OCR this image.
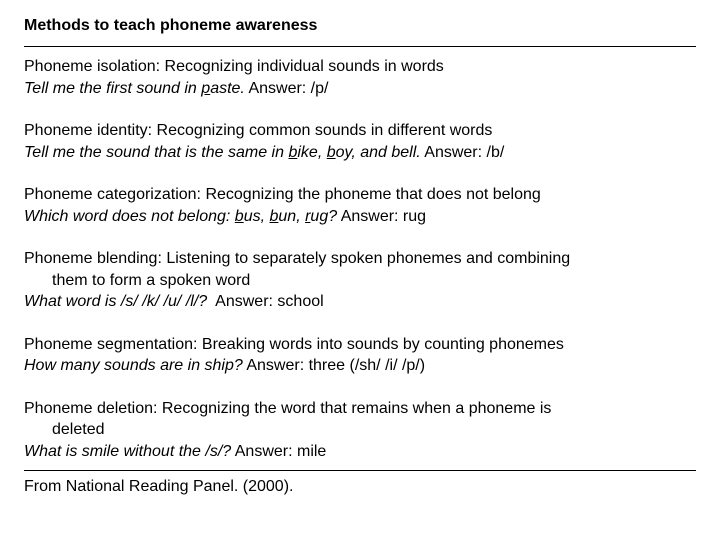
Methods to teach phoneme awareness
Phoneme isolation: Recognizing individual sounds in words
Tell me the first sound in paste. Answer: /p/
Phoneme identity: Recognizing common sounds in different words
Tell me the sound that is the same in bike, boy, and bell. Answer: /b/
Phoneme categorization: Recognizing the phoneme that does not belong
Which word does not belong: bus, bun, rug? Answer: rug
Phoneme blending: Listening to separately spoken phonemes and combining
them to form a spoken word
What word is /s/ /k/ /u/ /l/?  Answer: school
Phoneme segmentation: Breaking words into sounds by counting phonemes
How many sounds are in ship? Answer: three (/sh/ /i/ /p/)
Phoneme deletion: Recognizing the word that remains when a phoneme is
deleted
What is smile without the /s/? Answer: mile
From National Reading Panel. (2000).
